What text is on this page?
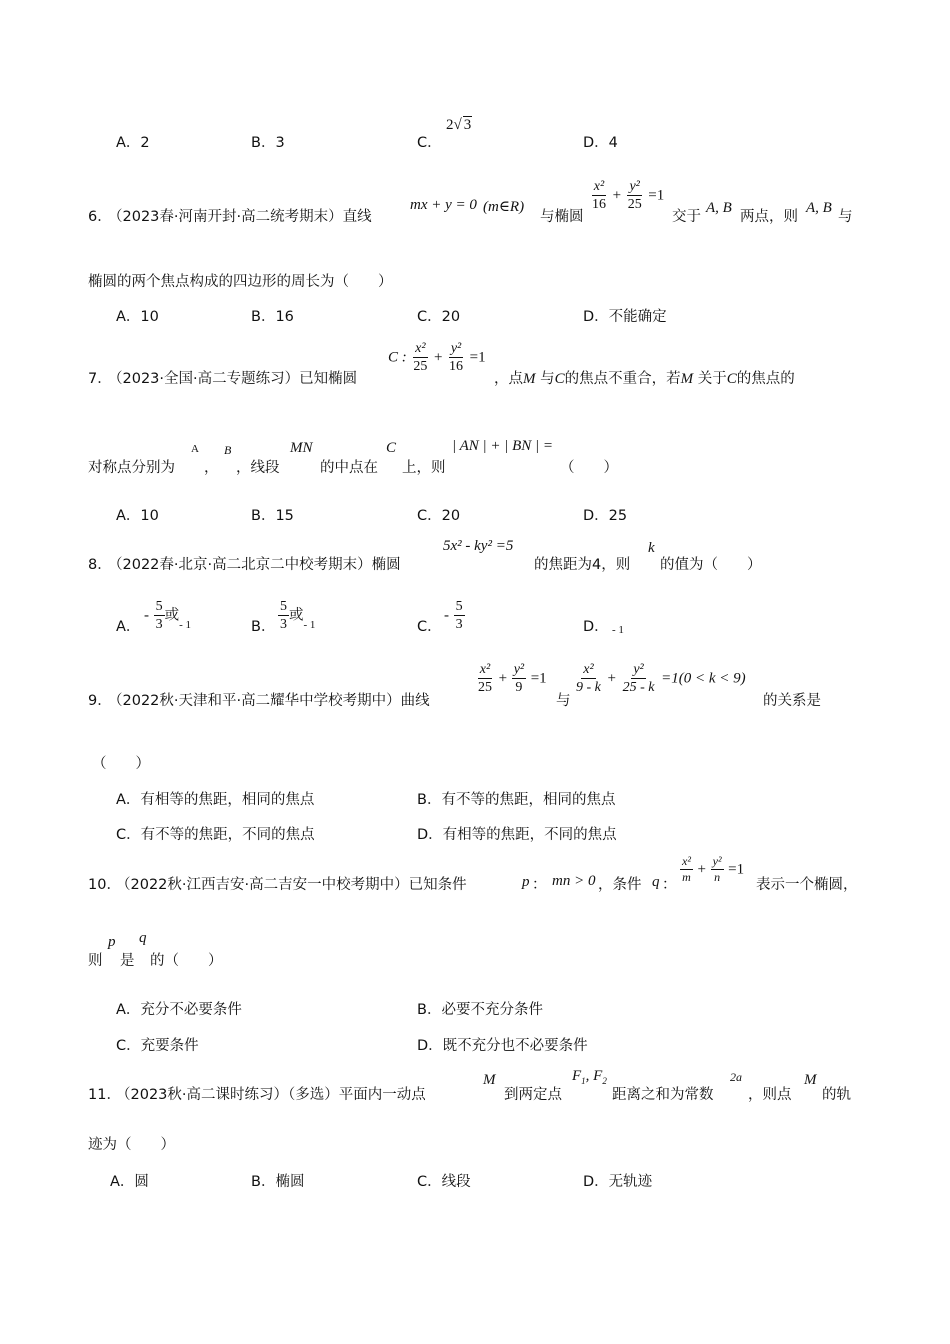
A．2	B．3	C．
2√ 3
D．4
6．
（2023春·河南开封·高二统考期末）直线
mx + y = 0 (m∈R)
与椭圆
$\frac{\text{x²}}{16} + \frac{\text{y²}}{25} =1$
交于
A, B
两点，则
A, B
与
椭圆的两个焦点构成的四边形的周长为（　　）
A．10	B．16	C．20	D．不能确定
7．
（2023·全国·高二专题练习）已知椭圆
C : $\frac{\text{x²}}{25} + \frac{\text{y²}}{16} =1$
，点M 与C的焦点不重合，若M 关于C的焦点的
对称点分别为
A
，
B
，线段
MN
的中点在
C
上，则
| AN | + | BN | =
（　　）
A．10	B．15	C．20	D．25
8．
（2022春·北京·高二北京二中校考期末）椭圆
5x² - ky² =5
的焦距为4，则
k
的值为（　　）
A．
- $\frac{5}{3}$ 或$_{- 1}$	B． $\frac{5}{3}$ 或$_{- 1}$	C．
- $\frac{5}{3}$	D． - 1
9．
（2022秋·天津和平·高二耀华中学校考期中）曲线
$\frac{\text{x²}}{25} + \frac{\text{y²}}{9} =1$
与
$\frac{\text{x²}}{9 - k} + \frac{\text{y²}}{25 - k} =1(0 < k < 9)$
的关系是
（　　）
A．有相等的焦距，相同的焦点	B．有不等的焦距，相同的焦点
C．有不等的焦距，不同的焦点	D．有相等的焦距，不同的焦点
10．
（2022秋·江西吉安·高二吉安一中校考期中）已知条件	p ： mn > 0 ，条件 q ： $\frac{\text{x²}}{m} + \frac{\text{y²}}{n} =1$
表示一个椭圆，
则
p
是
q
的（　　）
A．充分不必要条件	B．必要不充分条件
C．充要条件	D．既不充分也不必要条件
11．
（2023秋·高二课时练习）（多选）平面内一动点
M
到两定点
$F_1$, $F_2$
距离之和为常数
2a
，则点
M
的轨
迹为（　　）
A．圆	B．椭圆	C．线段	D．无轨迹
